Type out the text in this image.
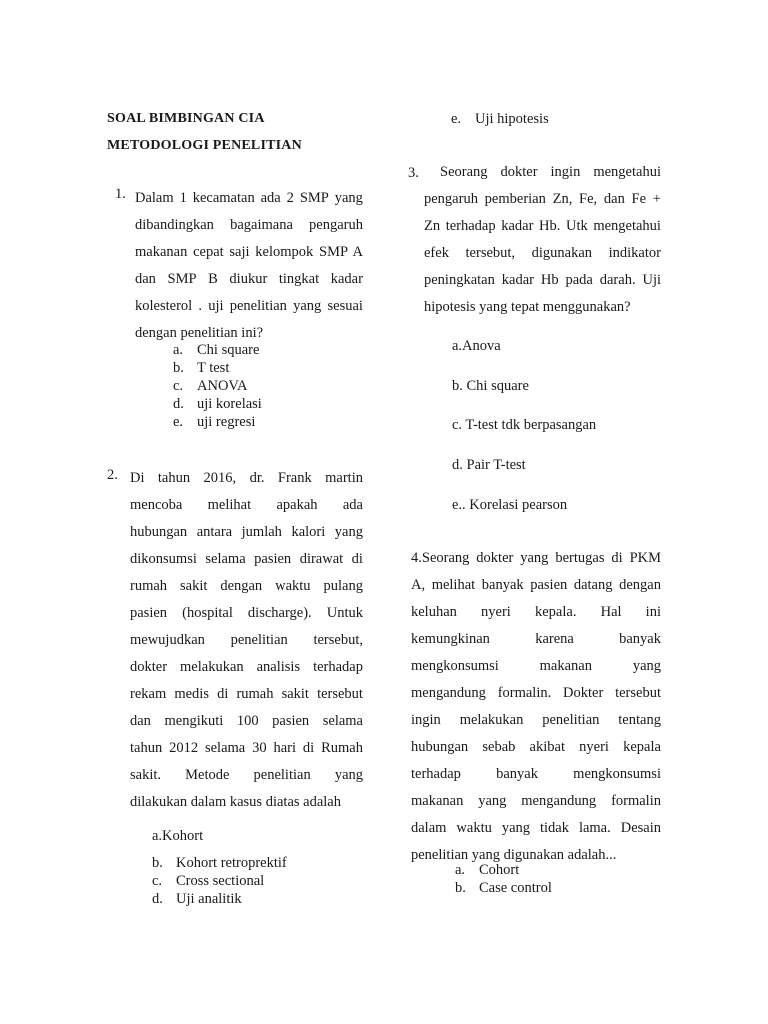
SOAL BIMBINGAN CIA
METODOLOGI PENELITIAN
1. Dalam 1 kecamatan ada 2 SMP yang
dibandingkan bagaimana pengaruh
makanan cepat saji kelompok SMP A
dan SMP B diukur tingkat kadar
kolesterol . uji penelitian yang sesuai
dengan penelitian ini?
a. Chi square
b. T test
c. ANOVA
d. uji korelasi
e. uji regresi
2. Di tahun 2016, dr. Frank martin
mencoba melihat apakah ada
hubungan antara jumlah kalori yang
dikonsumsi selama pasien dirawat di
rumah sakit dengan waktu pulang
pasien (hospital discharge). Untuk
mewujudkan penelitian tersebut,
dokter melakukan analisis terhadap
rekam medis di rumah sakit tersebut
dan mengikuti 100 pasien selama
tahun 2012 selama 30 hari di Rumah
sakit. Metode penelitian yang
dilakukan dalam kasus diatas adalah
a.Kohort
b. Kohort retroprektif
c. Cross sectional
d. Uji analitik
e. Uji hipotesis
3.	Seorang dokter ingin mengetahui
pengaruh pemberian Zn, Fe, dan Fe +
Zn terhadap kadar Hb. Utk mengetahui
efek tersebut, digunakan indikator
peningkatan kadar Hb pada darah. Uji
hipotesis yang tepat menggunakan?
a.Anova
b. Chi square
c. T-test tdk berpasangan
d. Pair T-test
e.. Korelasi pearson
4.Seorang dokter yang bertugas di PKM
A, melihat banyak pasien datang dengan
keluhan nyeri kepala. Hal ini
kemungkinan	karena	banyak
mengkonsumsi	makanan	yang
mengandung formalin. Dokter tersebut
ingin melakukan penelitian tentang
hubungan sebab akibat nyeri kepala
terhadap banyak mengkonsumsi
makanan yang mengandung formalin
dalam waktu yang tidak lama. Desain
penelitian yang digunakan adalah...
a. Cohort
b. Case control
